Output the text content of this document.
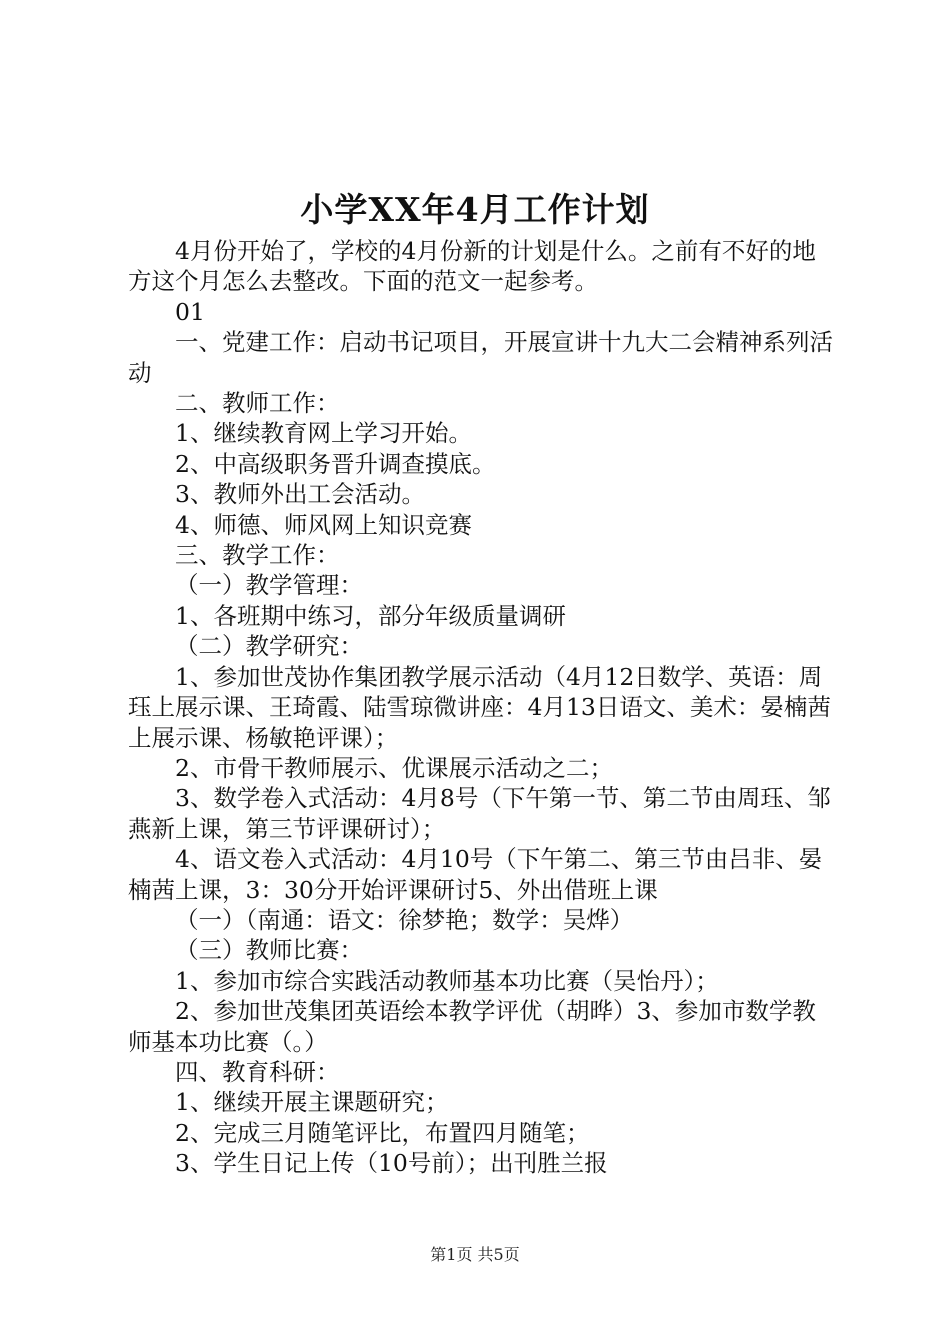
小学XX年4月工作计划

4月份开始了，学校的4月份新的计划是什么。之前有不好的地方这个月怎么去整改。下面的范文一起参考。

01

一、党建工作：启动书记项目，开展宣讲十九大二会精神系列活动

二、教师工作：

1、继续教育网上学习开始。

2、中高级职务晋升调查摸底。

3、教师外出工会活动。

4、师德、师风网上知识竞赛

三、教学工作：

（一）教学管理：

1、各班期中练习，部分年级质量调研

（二）教学研究：

1、参加世茂协作集团教学展示活动（4月12日数学、英语：周珏上展示课、王琦霞、陆雪琼微讲座：4月13日语文、美术：晏楠茜上展示课、杨敏艳评课）；

2、市骨干教师展示、优课展示活动之二；

3、数学卷入式活动：4月8号（下午第一节、第二节由周珏、邹燕新上课，第三节评课研讨）；

4、语文卷入式活动：4月10号（下午第二、第三节由吕非、晏楠茜上课，3：30分开始评课研讨5、外出借班上课

（一）（南通：语文：徐梦艳；数学：吴烨）

（三）教师比赛：

1、参加市综合实践活动教师基本功比赛（吴怡丹）；

2、参加世茂集团英语绘本教学评优（胡晔）3、参加市数学教师基本功比赛（。）

四、教育科研：

1、继续开展主课题研究；

2、完成三月随笔评比，布置四月随笔；

3、学生日记上传（10号前）；出刊胜兰报

第1页 共5页
